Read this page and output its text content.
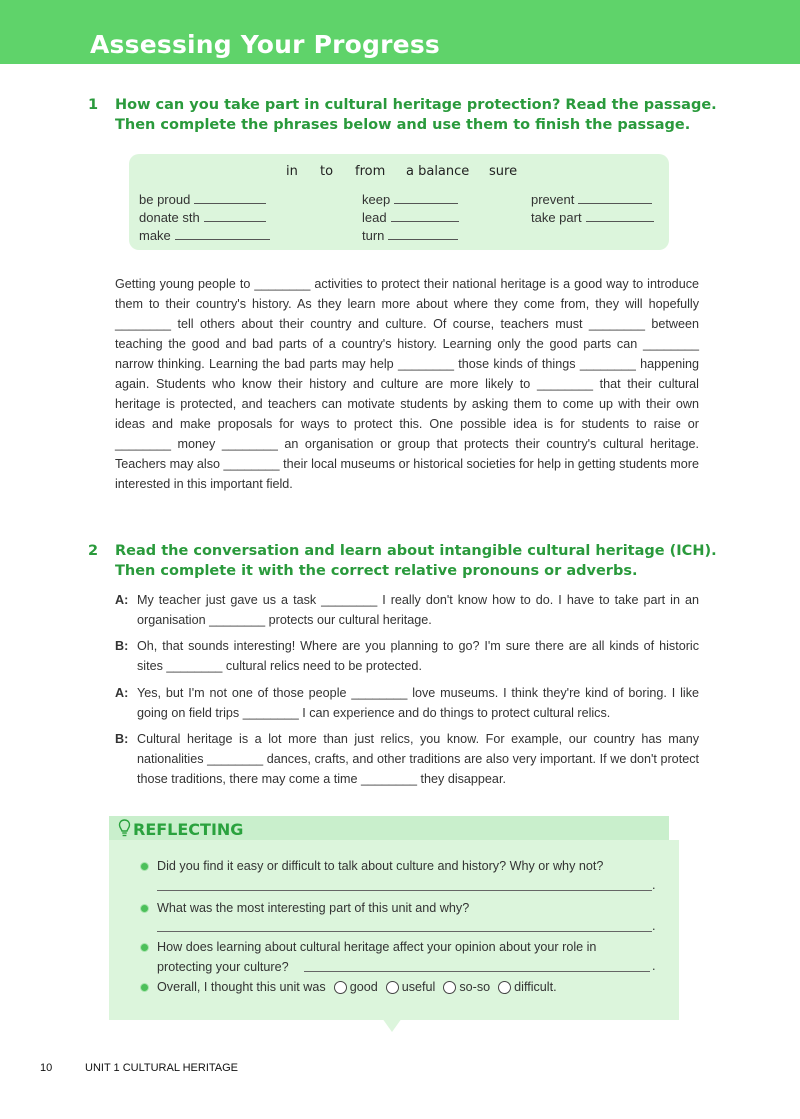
Assessing Your Progress
1 How can you take part in cultural heritage protection? Read the passage.
Then complete the phrases below and use them to finish the passage.
in to from a balance sure
be proud
donate sth
make
keep
lead
turn
prevent
take part
Getting young people to ________ activities to protect their national heritage is a good way to introduce them to their country's history. As they learn more about where they come from, they will hopefully ________ tell others about their country and culture. Of course, teachers must ________ between teaching the good and bad parts of a country's history. Learning only the good parts can ________ narrow thinking. Learning the bad parts may help ________ those kinds of things ________ happening again. Students who know their history and culture are more likely to ________ that their cultural heritage is protected, and teachers can motivate students by asking them to come up with their own ideas and make proposals for ways to protect this. One possible idea is for students to raise or ________ money ________ an organisation or group that protects their country's cultural heritage. Teachers may also ________ their local museums or historical societies for help in getting students more interested in this important field.
2 Read the conversation and learn about intangible cultural heritage (ICH).
Then complete it with the correct relative pronouns or adverbs.
A: My teacher just gave us a task ________ I really don't know how to do. I have to take part in an organisation ________ protects our cultural heritage.
B: Oh, that sounds interesting! Where are you planning to go? I'm sure there are all kinds of historic sites ________ cultural relics need to be protected.
A: Yes, but I'm not one of those people ________ love museums. I think they're kind of boring. I like going on field trips ________ I can experience and do things to protect cultural relics.
B: Cultural heritage is a lot more than just relics, you know. For example, our country has many nationalities ________ dances, crafts, and other traditions are also very important. If we don't protect those traditions, there may come a time ________ they disappear.
REFLECTING
Did you find it easy or difficult to talk about culture and history? Why or why not?
.
What was the most interesting part of this unit and why?
.
How does learning about cultural heritage affect your opinion about your role in
protecting your culture?	.
Overall, I thought this unit was good useful so-so difficult.
10	UNIT 1 CULTURAL HERITAGE
